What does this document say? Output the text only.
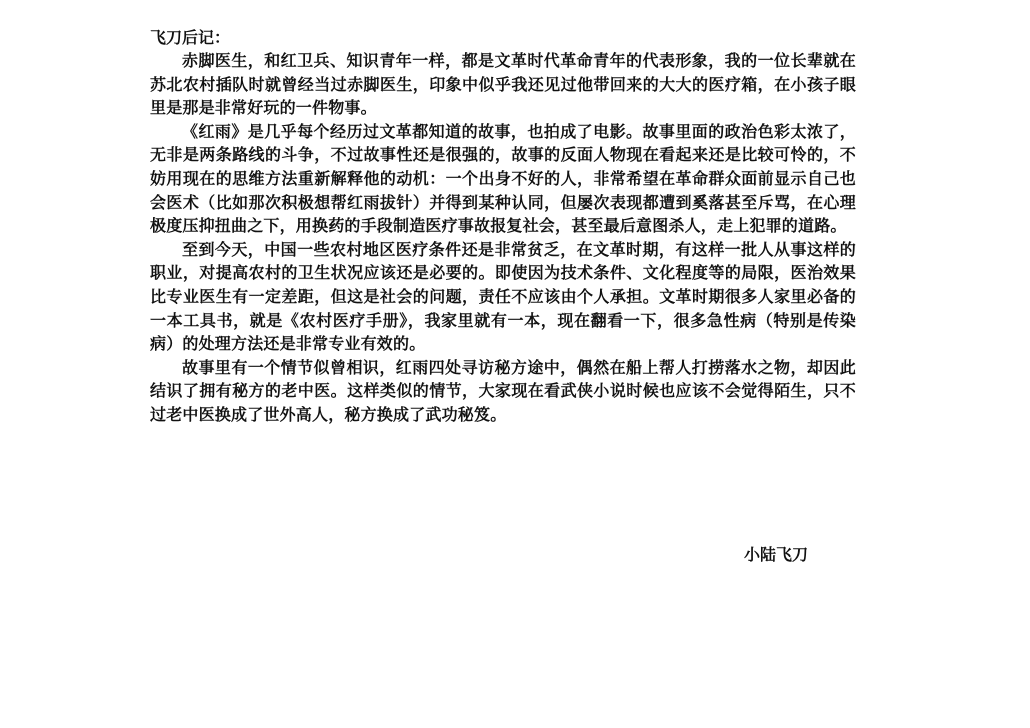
飞刀后记：

赤脚医生，和红卫兵、知识青年一样，都是文革时代革命青年的代表形象，我的一位长辈就在苏北农村插队时就曾经当过赤脚医生，印象中似乎我还见过他带回来的大大的医疗箱，在小孩子眼里是那是非常好玩的一件物事。

《红雨》是几乎每个经历过文革都知道的故事，也拍成了电影。故事里面的政治色彩太浓了，无非是两条路线的斗争，不过故事性还是很强的，故事的反面人物现在看起来还是比较可怜的，不妨用现在的思维方法重新解释他的动机：一个出身不好的人，非常希望在革命群众面前显示自己也会医术（比如那次积极想帮红雨拔针）并得到某种认同，但屡次表现都遭到奚落甚至斥骂，在心理极度压抑扭曲之下，用换药的手段制造医疗事故报复社会，甚至最后意图杀人，走上犯罪的道路。

至到今天，中国一些农村地区医疗条件还是非常贫乏，在文革时期，有这样一批人从事这样的职业，对提高农村的卫生状况应该还是必要的。即使因为技术条件、文化程度等的局限，医治效果比专业医生有一定差距，但这是社会的问题，责任不应该由个人承担。文革时期很多人家里必备的一本工具书，就是《农村医疗手册》，我家里就有一本，现在翻看一下，很多急性病（特别是传染病）的处理方法还是非常专业有效的。

故事里有一个情节似曾相识，红雨四处寻访秘方途中，偶然在船上帮人打捞落水之物，却因此结识了拥有秘方的老中医。这样类似的情节，大家现在看武侠小说时候也应该不会觉得陌生，只不过老中医换成了世外高人，秘方换成了武功秘笈。

小陆飞刀
